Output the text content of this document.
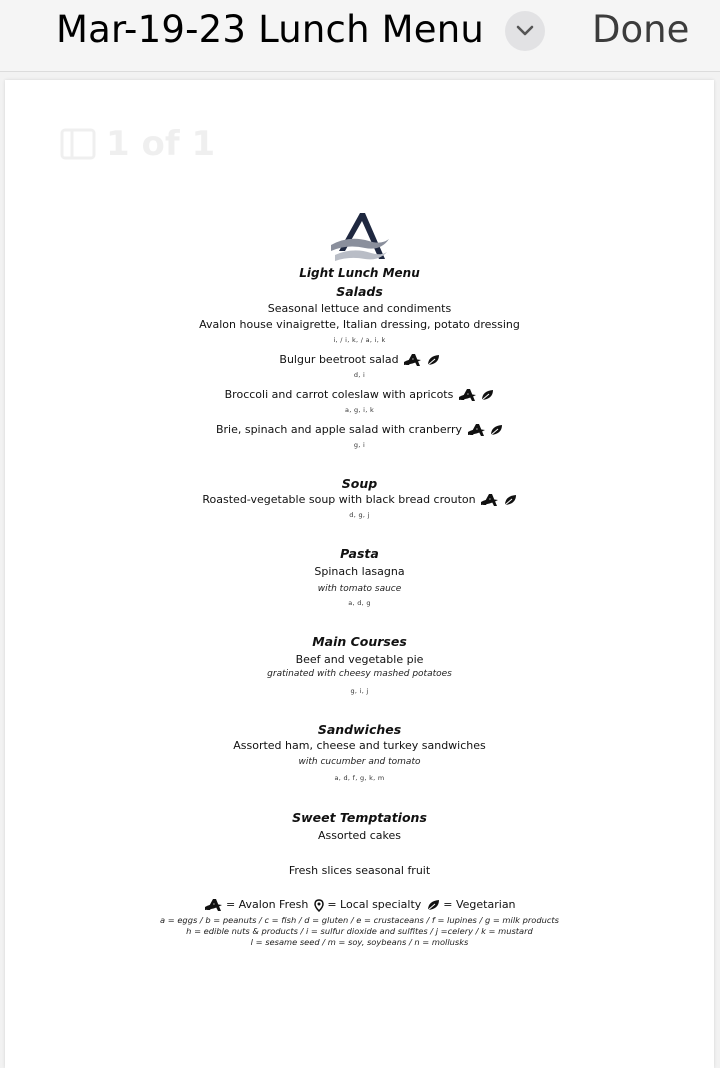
Mar-19-23 Lunch Menu	Done
1 of 1
Light Lunch Menu
Salads
Seasonal lettuce and condiments
Avalon house vinaigrette, Italian dressing, potato dressing
i, / i, k, / a, i, k
Bulgur beetroot salad
d, i
Broccoli and carrot coleslaw with apricots
a, g, i, k
Brie, spinach and apple salad with cranberry
g, i
Soup
Roasted-vegetable soup with black bread crouton
d, g, j
Pasta
Spinach lasagna
with tomato sauce
a, d, g
Main Courses
Beef and vegetable pie
gratinated with cheesy mashed potatoes
g, i, j
Sandwiches
Assorted ham, cheese and turkey sandwiches
with cucumber and tomato
a, d, f, g, k, m
Sweet Temptations
Assorted cakes
Fresh slices seasonal fruit
= Avalon Fresh = Local specialty = Vegetarian
a = eggs / b = peanuts / c = fish / d = gluten / e = crustaceans / f = lupines / g = milk products
h = edible nuts & products / i = sulfur dioxide and sulfites / j =celery / k = mustard
l = sesame seed / m = soy, soybeans / n = mollusks
